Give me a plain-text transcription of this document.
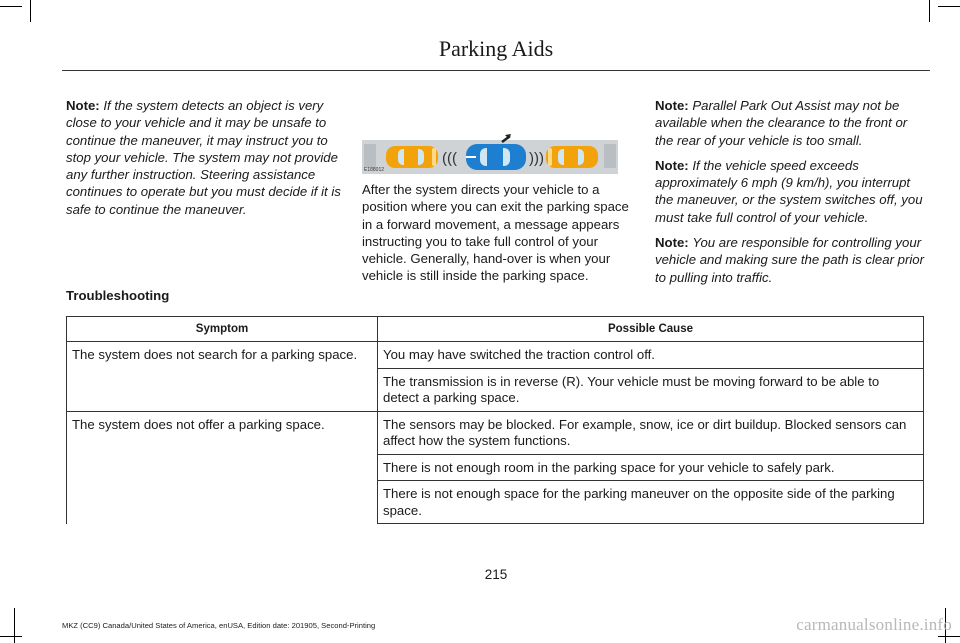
Parking Aids

Note: If the system detects an object is very close to your vehicle and it may be unsafe to continue the maneuver, it may instruct you to stop your vehicle. The system may not provide any further instruction. Steering assistance continues to operate but you must decide if it is safe to continue the maneuver.

(((	)))
E188012

After the system directs your vehicle to a position where you can exit the parking space in a forward movement, a message appears instructing you to take full control of your vehicle. Generally, hand-over is when your vehicle is still inside the parking space.

Note: Parallel Park Out Assist may not be available when the clearance to the front or the rear of your vehicle is too small.

Note: If the vehicle speed exceeds approximately 6 mph (9 km/h), you interrupt the maneuver, or the system switches off, you must take full control of your vehicle.

Note: You are responsible for controlling your vehicle and making sure the path is clear prior to pulling into traffic.

Troubleshooting
Symptom	Possible Cause
The system does not search for a parking space.	You may have switched the traction control off.
	The transmission is in reverse (R). Your vehicle must be moving forward to be able to detect a parking space.
The system does not offer a parking space.	The sensors may be blocked. For example, snow, ice or dirt buildup. Blocked sensors can affect how the system functions.
	There is not enough room in the parking space for your vehicle to safely park.
	There is not enough space for the parking maneuver on the opposite side of the parking space.
215
MKZ (CC9) Canada/United States of America, enUSA, Edition date: 201905, Second-Printing	carmanualsonline.info
